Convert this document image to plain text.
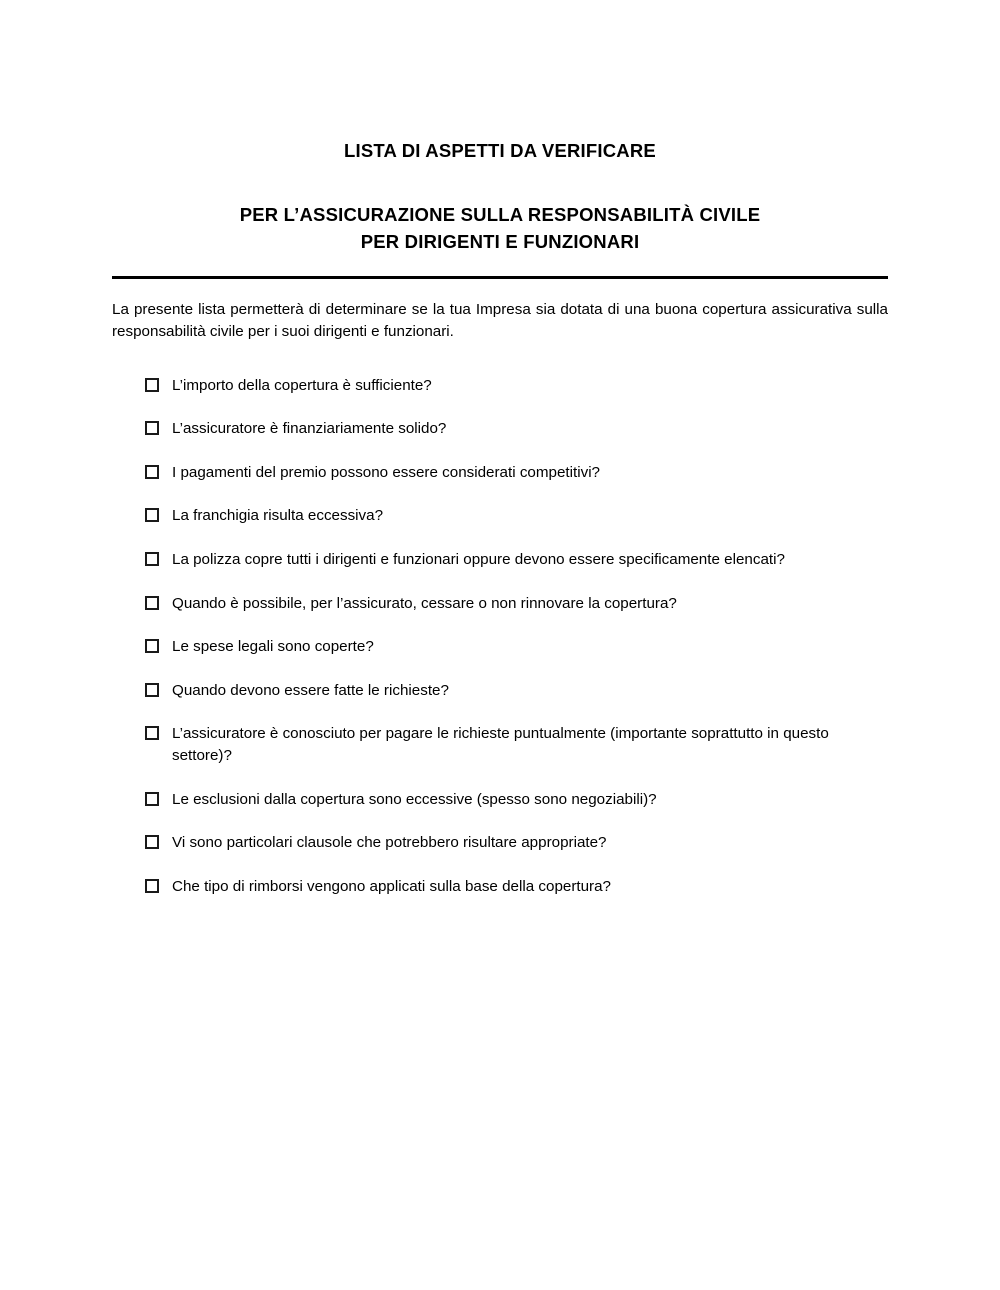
LISTA DI ASPETTI DA VERIFICARE
PER L’ASSICURAZIONE SULLA RESPONSABILITÀ CIVILE
PER DIRIGENTI E FUNZIONARI

La presente lista permetterà di determinare se la tua Impresa sia dotata di una buona copertura assicurativa sulla responsabilità civile per i suoi dirigenti e funzionari.

L’importo della copertura è sufficiente?
L’assicuratore è finanziariamente solido?
I pagamenti del premio possono essere considerati competitivi?
La franchigia risulta eccessiva?
La polizza copre tutti i dirigenti e funzionari oppure devono essere specificamente elencati?
Quando è possibile, per l’assicurato, cessare o non rinnovare la copertura?
Le spese legali sono coperte?
Quando devono essere fatte le richieste?
L’assicuratore è conosciuto per pagare le richieste puntualmente (importante soprattutto in questo settore)?
Le esclusioni dalla copertura sono eccessive (spesso sono negoziabili)?
Vi sono particolari clausole che potrebbero risultare appropriate?
Che tipo di rimborsi vengono applicati sulla base della copertura?
